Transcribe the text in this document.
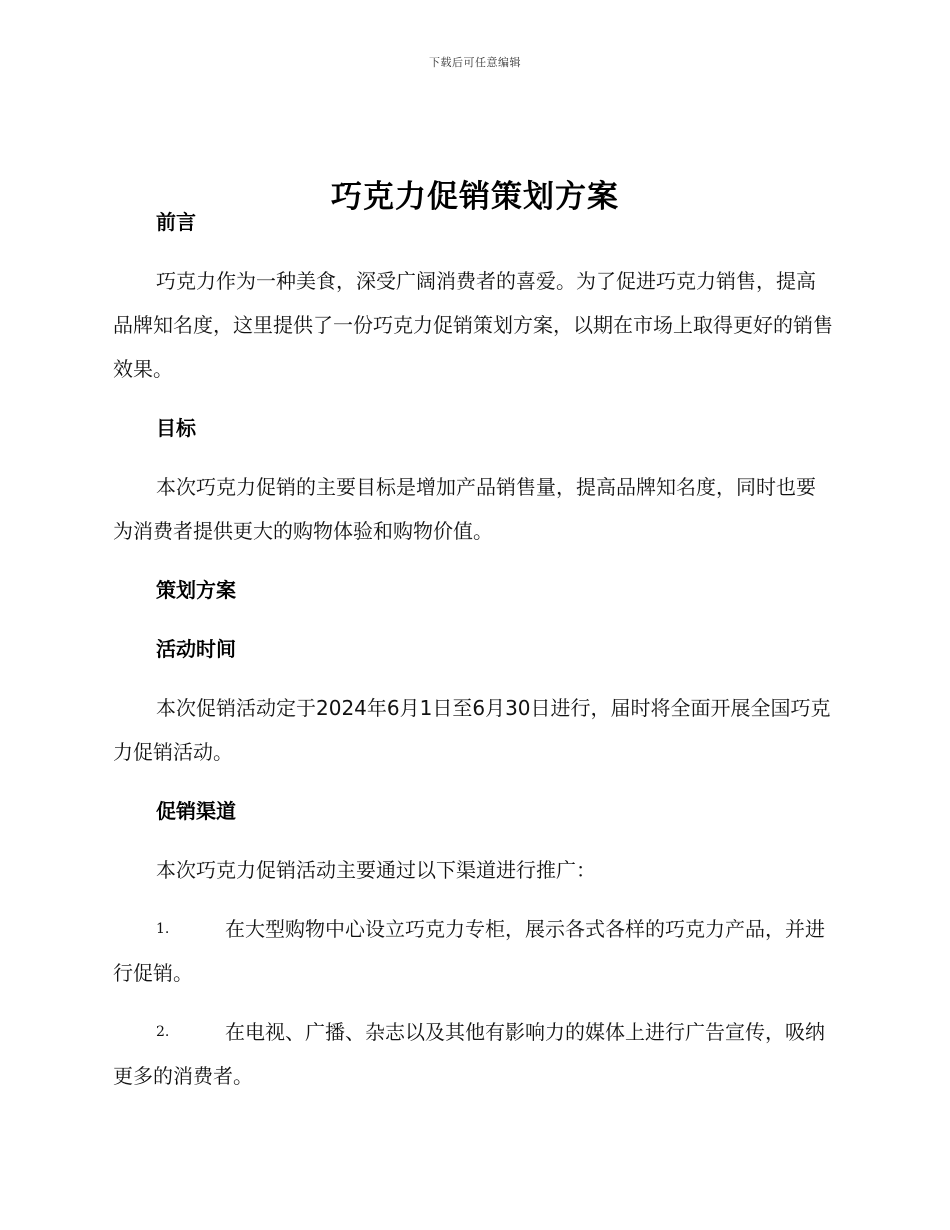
下载后可任意编辑
巧克力促销策划方案
前言

巧克力作为一种美食，深受广阔消费者的喜爱。为了促进巧克力销售，提高品牌知名度，这里提供了一份巧克力促销策划方案，以期在市场上取得更好的销售效果。

目标

本次巧克力促销的主要目标是增加产品销售量，提高品牌知名度，同时也要为消费者提供更大的购物体验和购物价值。

策划方案
活动时间

本次促销活动定于2024年6月1日至6月30日进行，届时将全面开展全国巧克力促销活动。

促销渠道

本次巧克力促销活动主要通过以下渠道进行推广：

1.	在大型购物中心设立巧克力专柜，展示各式各样的巧克力产品，并进行促销。

2.	在电视、广播、杂志以及其他有影响力的媒体上进行广告宣传，吸纳更多的消费者。
